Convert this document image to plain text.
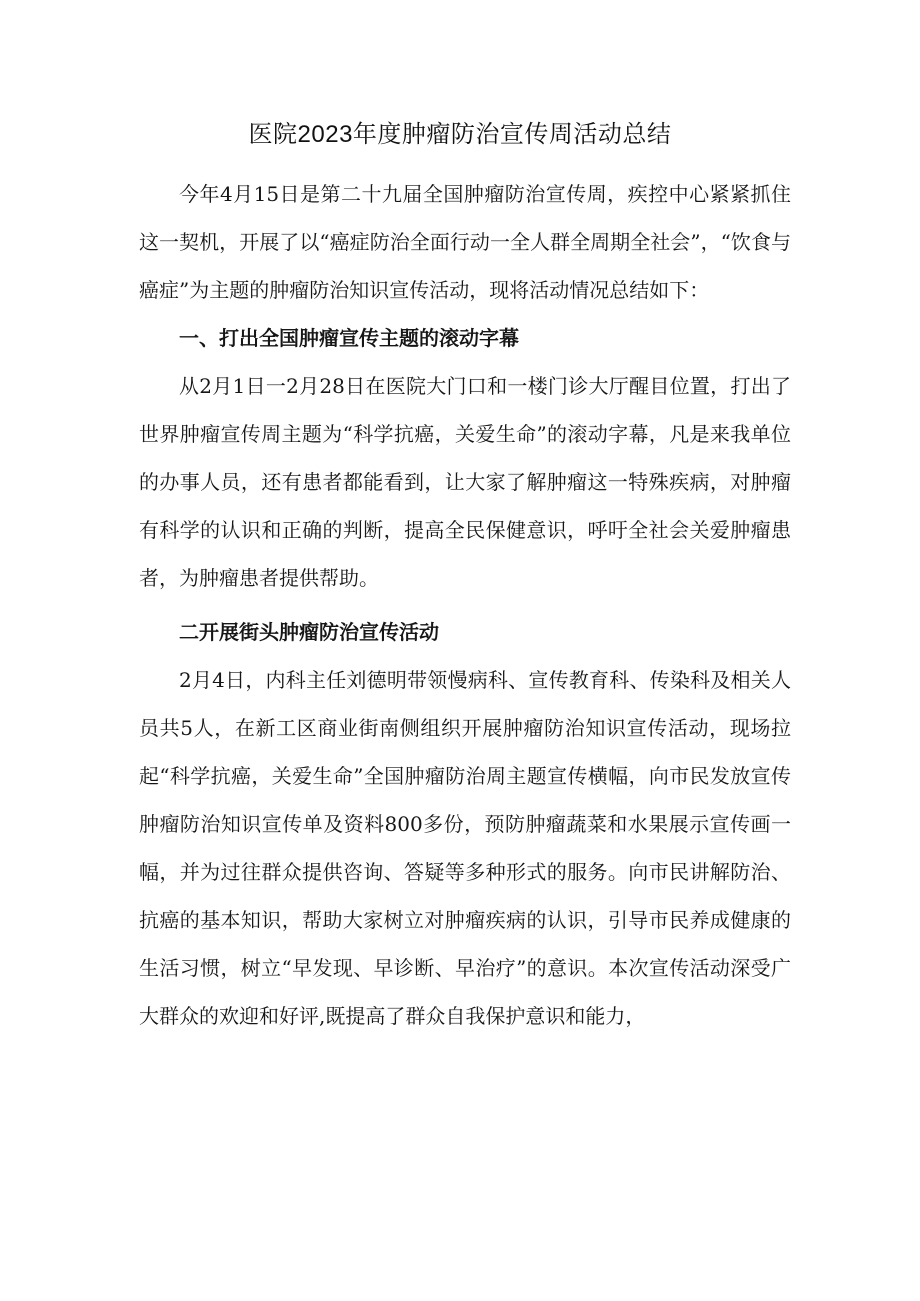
医院2023年度肿瘤防治宣传周活动总结

今年4月15日是第二十九届全国肿瘤防治宣传周，疾控中心紧紧抓住这一契机，开展了以“癌症防治全面行动一全人群全周期全社会”，“饮食与癌症”为主题的肿瘤防治知识宣传活动，现将活动情况总结如下：

一、打出全国肿瘤宣传主题的滚动字幕

从2月1日一2月28日在医院大门口和一楼门诊大厅醒目位置，打出了世界肿瘤宣传周主题为“科学抗癌，关爱生命”的滚动字幕，凡是来我单位的办事人员，还有患者都能看到，让大家了解肿瘤这一特殊疾病，对肿瘤有科学的认识和正确的判断，提高全民保健意识，呼吁全社会关爱肿瘤患者，为肿瘤患者提供帮助。

二开展街头肿瘤防治宣传活动

2月4日，内科主任刘德明带领慢病科、宣传教育科、传染科及相关人员共5人，在新工区商业街南侧组织开展肿瘤防治知识宣传活动，现场拉起“科学抗癌，关爱生命”全国肿瘤防治周主题宣传横幅，向市民发放宣传肿瘤防治知识宣传单及资料800多份，预防肿瘤蔬菜和水果展示宣传画一幅，并为过往群众提供咨询、答疑等多种形式的服务。向市民讲解防治、抗癌的基本知识，帮助大家树立对肿瘤疾病的认识，引导市民养成健康的生活习惯，树立“早发现、早诊断、早治疗”的意识。本次宣传活动深受广大群众的欢迎和好评,既提高了群众自我保护意识和能力，
